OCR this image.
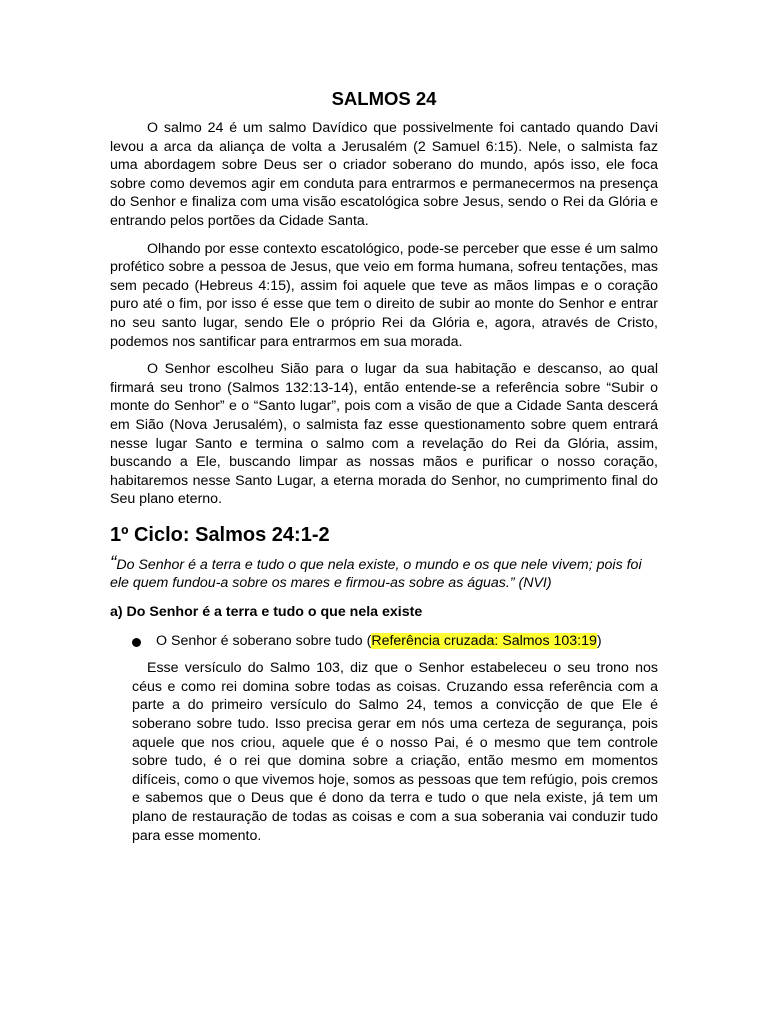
SALMOS 24

O salmo 24 é um salmo Davídico que possivelmente foi cantado quando Davi levou a arca da aliança de volta a Jerusalém (2 Samuel 6:15). Nele, o salmista faz uma abordagem sobre Deus ser o criador soberano do mundo, após isso, ele foca sobre como devemos agir em conduta para entrarmos e permanecermos na presença do Senhor e finaliza com uma visão escatológica sobre Jesus, sendo o Rei da Glória e entrando pelos portões da Cidade Santa.

Olhando por esse contexto escatológico, pode-se perceber que esse é um salmo profético sobre a pessoa de Jesus, que veio em forma humana, sofreu tentações, mas sem pecado (Hebreus 4:15), assim foi aquele que teve as mãos limpas e o coração puro até o fim, por isso é esse que tem o direito de subir ao monte do Senhor e entrar no seu santo lugar, sendo Ele o próprio Rei da Glória e, agora, através de Cristo, podemos nos santificar para entrarmos em sua morada.

O Senhor escolheu Sião para o lugar da sua habitação e descanso, ao qual firmará seu trono (Salmos 132:13-14), então entende-se a referência sobre “Subir o monte do Senhor” e o “Santo lugar”, pois com a visão de que a Cidade Santa descerá em Sião (Nova Jerusalém), o salmista faz esse questionamento sobre quem entrará nesse lugar Santo e termina o salmo com a revelação do Rei da Glória, assim, buscando a Ele, buscando limpar as nossas mãos e purificar o nosso coração, habitaremos nesse Santo Lugar, a eterna morada do Senhor, no cumprimento final do Seu plano eterno.

1º Ciclo: Salmos 24:1-2

“Do Senhor é a terra e tudo o que nela existe, o mundo e os que nele vivem; pois foi ele quem fundou-a sobre os mares e firmou-as sobre as águas.” (NVI)

a) Do Senhor é a terra e tudo o que nela existe
O Senhor é soberano sobre tudo (Referência cruzada: Salmos 103:19)

Esse versículo do Salmo 103, diz que o Senhor estabeleceu o seu trono nos céus e como rei domina sobre todas as coisas. Cruzando essa referência com a parte a do primeiro versículo do Salmo 24, temos a convicção de que Ele é soberano sobre tudo. Isso precisa gerar em nós uma certeza de segurança, pois aquele que nos criou, aquele que é o nosso Pai, é o mesmo que tem controle sobre tudo, é o rei que domina sobre a criação, então mesmo em momentos difíceis, como o que vivemos hoje, somos as pessoas que tem refúgio, pois cremos e sabemos que o Deus que é dono da terra e tudo o que nela existe, já tem um plano de restauração de todas as coisas e com a sua soberania vai conduzir tudo para esse momento.
